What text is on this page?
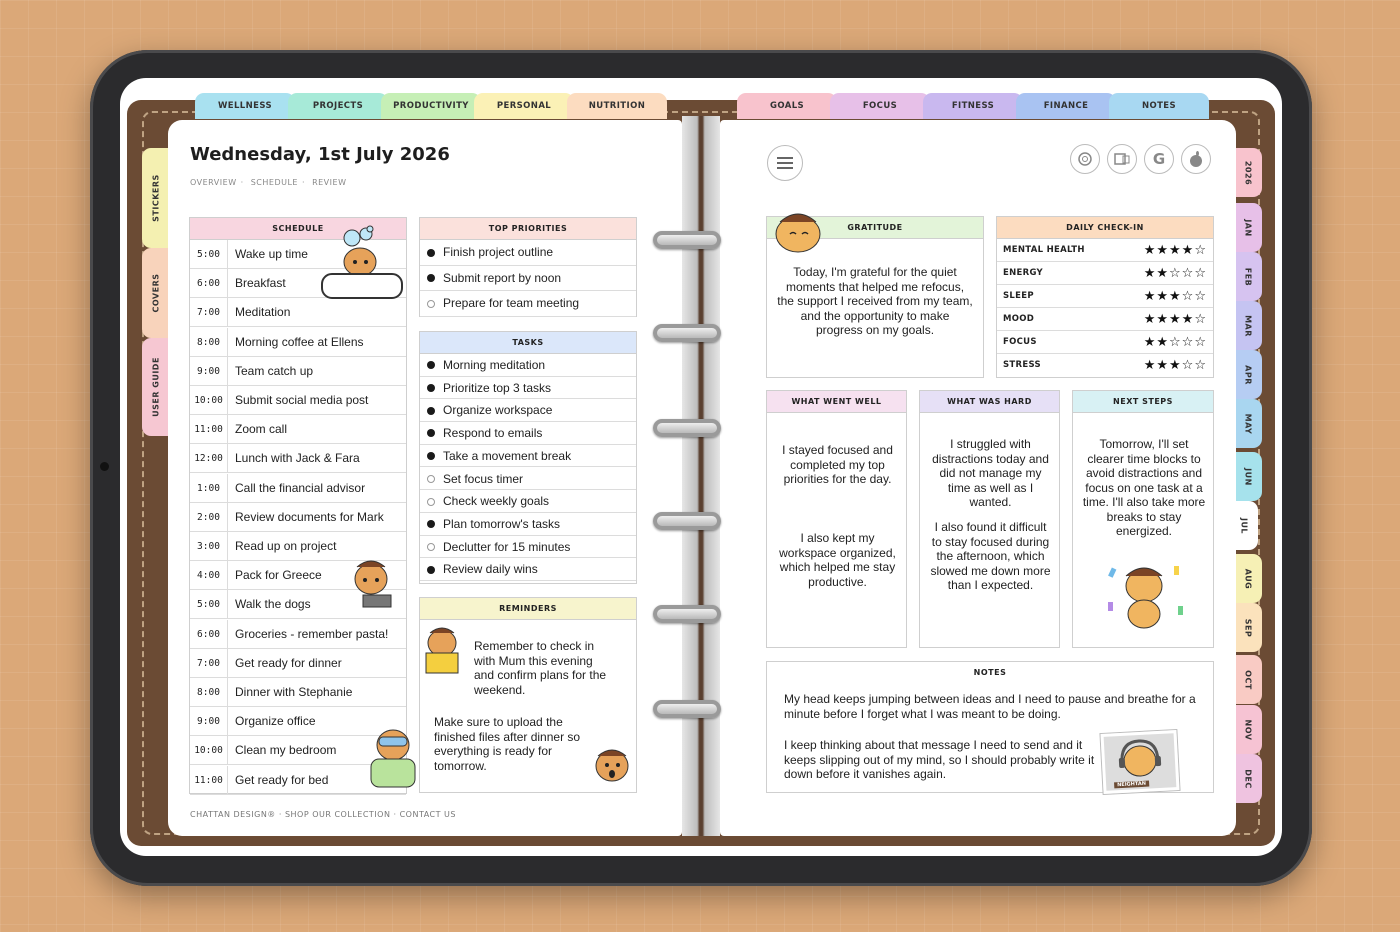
STICKERS
COVERS
USER GUIDE
WELLNESS	PROJECTS	PRODUCTIVITY	PERSONAL	NUTRITION	GOALS	FOCUS	FITNESS	FINANCE	NOTES
2026
JAN
FEB
MAR
APR
MAY
JUN
JUL
AUG
SEP
OCT
NOV
DEC
Wednesday, 1st July 2026
OVERVIEW · SCHEDULE · REVIEW
SCHEDULE
5:00	Wake up time
6:00	Breakfast
7:00	Meditation
8:00	Morning coffee at Ellens
9:00	Team catch up
10:00	Submit social media post
11:00	Zoom call
12:00	Lunch with Jack & Fara
1:00	Call the financial advisor
2:00	Review documents for Mark
3:00	Read up on project
4:00	Pack for Greece
5:00	Walk the dogs
6:00	Groceries - remember pasta!
7:00	Get ready for dinner
8:00	Dinner with Stephanie
9:00	Organize office
10:00	Clean my bedroom
11:00	Get ready for bed
TOP PRIORITIES
Finish project outline
Submit report by noon
Prepare for team meeting
TASKS
Morning meditation
Prioritize top 3 tasks
Organize workspace
Respond to emails
Take a movement break
Set focus timer
Check weekly goals
Plan tomorrow's tasks
Declutter for 15 minutes
Review daily wins
REMINDERS
Remember to check in with Mum this evening and confirm plans for the weekend.
Make sure to upload the finished files after dinner so everything is ready for tomorrow.
CHATTAN DESIGN® · SHOP OUR COLLECTION · CONTACT US
G
GRATITUDE
Today, I'm grateful for the quiet moments that helped me refocus, the support I received from my team, and the opportunity to make progress on my goals.
DAILY CHECK-IN
MENTAL HEALTH	★★★★☆
ENERGY	★★☆☆☆
SLEEP	★★★☆☆
MOOD	★★★★☆
FOCUS	★★☆☆☆
STRESS	★★★☆☆
WHAT WENT WELL
I stayed focused and completed my top priorities for the day.
I also kept my workspace organized, which helped me stay productive.
WHAT WAS HARD
I struggled with distractions today and did not manage my time as well as I wanted.
I also found it difficult to stay focused during the afternoon, which slowed me down more than I expected.
NEXT STEPS
Tomorrow, I'll set clearer time blocks to avoid distractions and focus on one task at a time. I'll also take more breaks to stay energized.
NOTES
My head keeps jumping between ideas and I need to pause and breathe for a minute before I forget what I was meant to be doing.
I keep thinking about that message I need to send and it keeps slipping out of my mind, so I should probably write it down before it vanishes again.
NEIGHTAN
